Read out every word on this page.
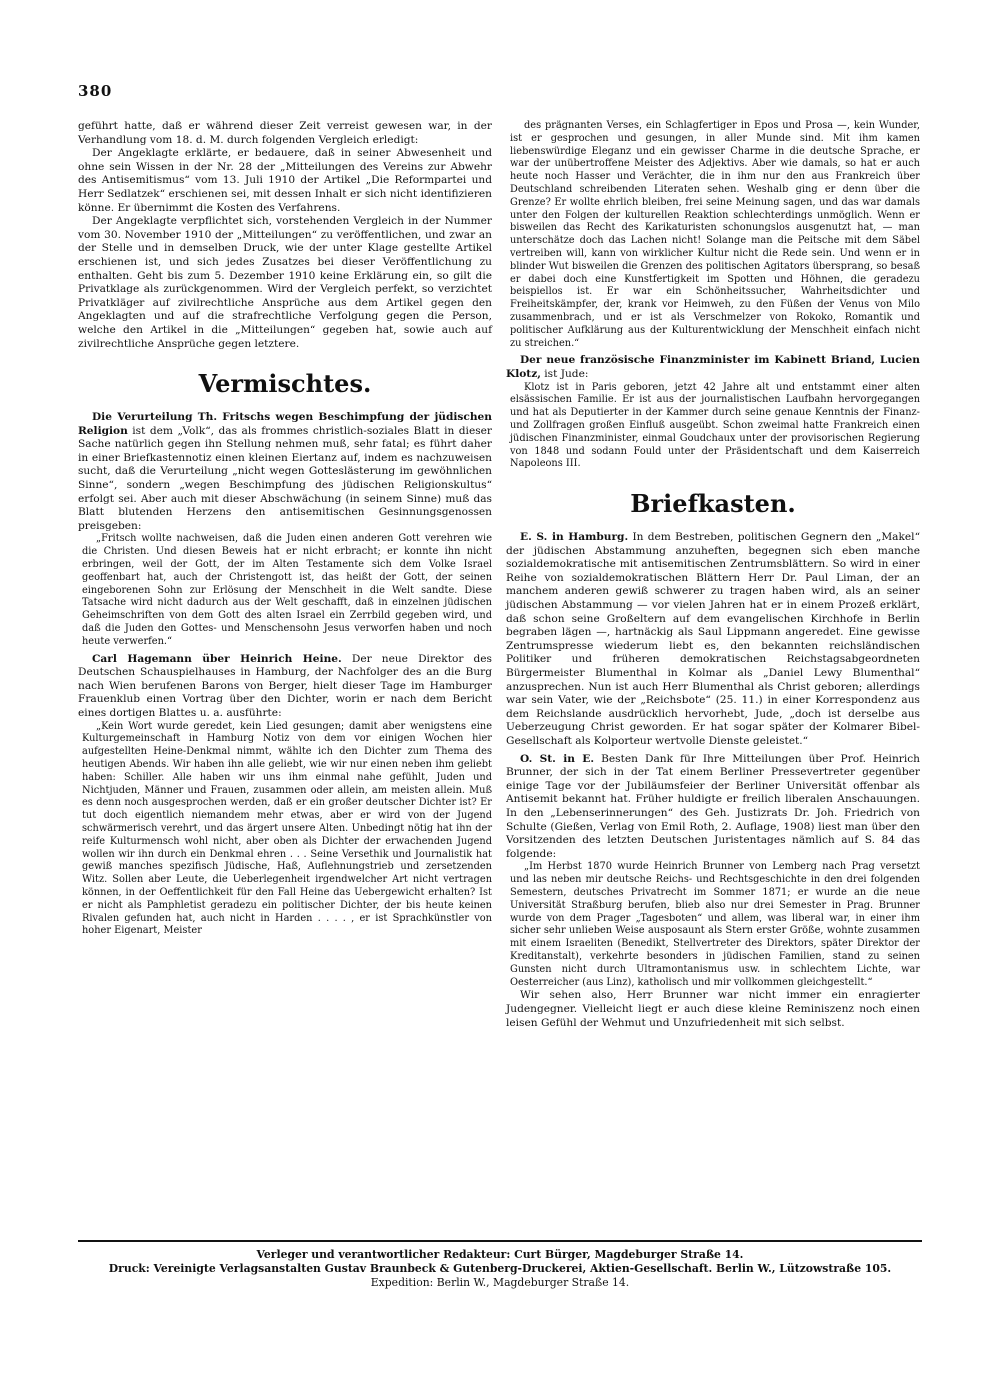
380

geführt hatte, daß er während dieser Zeit verreist gewesen war, in der Verhandlung vom 18. d. M. durch folgenden Vergleich erledigt:

Der Angeklagte erklärte, er bedauere, daß in seiner Abwesenheit und ohne sein Wissen in der Nr. 28 der „Mitteilungen des Vereins zur Abwehr des Antisemitismus“ vom 13. Juli 1910 der Artikel „Die Reformpartei und Herr Sedlatzek“ erschienen sei, mit dessen Inhalt er sich nicht identifizieren könne. Er übernimmt die Kosten des Verfahrens.

Der Angeklagte verpflichtet sich, vorstehenden Vergleich in der Nummer vom 30. November 1910 der „Mitteilungen“ zu veröffentlichen, und zwar an der Stelle und in demselben Druck, wie der unter Klage gestellte Artikel erschienen ist, und sich jedes Zusatzes bei dieser Veröffentlichung zu enthalten. Geht bis zum 5. Dezember 1910 keine Erklärung ein, so gilt die Privatklage als zurückgenommen. Wird der Vergleich perfekt, so verzichtet Privatkläger auf zivilrechtliche Ansprüche aus dem Artikel gegen den Angeklagten und auf die strafrechtliche Verfolgung gegen die Person, welche den Artikel in die „Mitteilungen“ gegeben hat, sowie auch auf zivilrechtliche Ansprüche gegen letztere.

Vermischtes.

Die Verurteilung Th. Fritschs wegen Beschimpfung der jüdischen Religion ist dem „Volk“, das als frommes christlich-soziales Blatt in dieser Sache natürlich gegen ihn Stellung nehmen muß, sehr fatal; es führt daher in einer Briefkastennotiz einen kleinen Eiertanz auf, indem es nachzuweisen sucht, daß die Verurteilung „nicht wegen Gotteslästerung im gewöhnlichen Sinne“, sondern „wegen Beschimpfung des jüdischen Religionskultus“ erfolgt sei. Aber auch mit dieser Abschwächung (in seinem Sinne) muß das Blatt blutenden Herzens den antisemitischen Gesinnungsgenossen preisgeben:

„Fritsch wollte nachweisen, daß die Juden einen anderen Gott verehren wie die Christen. Und diesen Beweis hat er nicht erbracht; er konnte ihn nicht erbringen, weil der Gott, der im Alten Testamente sich dem Volke Israel geoffenbart hat, auch der Christengott ist, das heißt der Gott, der seinen eingeborenen Sohn zur Erlösung der Menschheit in die Welt sandte. Diese Tatsache wird nicht dadurch aus der Welt geschafft, daß in einzelnen jüdischen Geheimschriften von dem Gott des alten Israel ein Zerrbild gegeben wird, und daß die Juden den Gottes- und Menschensohn Jesus verworfen haben und noch heute verwerfen.“

Carl Hagemann über Heinrich Heine. Der neue Direktor des Deutschen Schauspielhauses in Hamburg, der Nachfolger des an die Burg nach Wien berufenen Barons von Berger, hielt dieser Tage im Hamburger Frauenklub einen Vortrag über den Dichter, worin er nach dem Bericht eines dortigen Blattes u. a. ausführte:

„Kein Wort wurde geredet, kein Lied gesungen; damit aber wenigstens eine Kulturgemeinschaft in Hamburg Notiz von dem vor einigen Wochen hier aufgestellten Heine-Denkmal nimmt, wählte ich den Dichter zum Thema des heutigen Abends. Wir haben ihn alle geliebt, wie wir nur einen neben ihm geliebt haben: Schiller. Alle haben wir uns ihm einmal nahe gefühlt, Juden und Nichtjuden, Männer und Frauen, zusammen oder allein, am meisten allein. Muß es denn noch ausgesprochen werden, daß er ein großer deutscher Dichter ist? Er tut doch eigentlich niemandem mehr etwas, aber er wird von der Jugend schwärmerisch verehrt, und das ärgert unsere Alten. Unbedingt nötig hat ihn der reife Kulturmensch wohl nicht, aber oben als Dichter der erwachenden Jugend wollen wir ihn durch ein Denkmal ehren . . . Seine Versethik und Journalistik hat gewiß manches spezifisch Jüdische, Haß, Auflehnungstrieb und zersetzenden Witz. Sollen aber Leute, die Ueberlegenheit irgendwelcher Art nicht vertragen können, in der Oeffentlichkeit für den Fall Heine das Uebergewicht erhalten? Ist er nicht als Pamphletist geradezu ein politischer Dichter, der bis heute keinen Rivalen gefunden hat, auch nicht in Harden . . . . , er ist Sprachkünstler von hoher Eigenart, Meister

des prägnanten Verses, ein Schlagfertiger in Epos und Prosa —, kein Wunder, ist er gesprochen und gesungen, in aller Munde sind. Mit ihm kamen liebenswürdige Eleganz und ein gewisser Charme in die deutsche Sprache, er war der unübertroffene Meister des Adjektivs. Aber wie damals, so hat er auch heute noch Hasser und Verächter, die in ihm nur den aus Frankreich über Deutschland schreibenden Literaten sehen. Weshalb ging er denn über die Grenze? Er wollte ehrlich bleiben, frei seine Meinung sagen, und das war damals unter den Folgen der kulturellen Reaktion schlechterdings unmöglich. Wenn er bisweilen das Recht des Karikaturisten schonungslos ausgenutzt hat, — man unterschätze doch das Lachen nicht! Solange man die Peitsche mit dem Säbel vertreiben will, kann von wirklicher Kultur nicht die Rede sein. Und wenn er in blinder Wut bisweilen die Grenzen des politischen Agitators übersprang, so besaß er dabei doch eine Kunstfertigkeit im Spotten und Höhnen, die geradezu beispiellos ist. Er war ein Schönheitssucher, Wahrheitsdichter und Freiheitskämpfer, der, krank vor Heimweh, zu den Füßen der Venus von Milo zusammenbrach, und er ist als Verschmelzer von Rokoko, Romantik und politischer Aufklärung aus der Kulturentwicklung der Menschheit einfach nicht zu streichen.“

Der neue französische Finanzminister im Kabinett Briand, Lucien Klotz, ist Jude:

Klotz ist in Paris geboren, jetzt 42 Jahre alt und entstammt einer alten elsässischen Familie. Er ist aus der journalistischen Laufbahn hervorgegangen und hat als Deputierter in der Kammer durch seine genaue Kenntnis der Finanz- und Zollfragen großen Einfluß ausgeübt. Schon zweimal hatte Frankreich einen jüdischen Finanzminister, einmal Goudchaux unter der provisorischen Regierung von 1848 und sodann Fould unter der Präsidentschaft und dem Kaiserreich Napoleons III.

Briefkasten.

E. S. in Hamburg. In dem Bestreben, politischen Gegnern den „Makel“ der jüdischen Abstammung anzuheften, begegnen sich eben manche sozialdemokratische mit antisemitischen Zentrumsblättern. So wird in einer Reihe von sozialdemokratischen Blättern Herr Dr. Paul Liman, der an manchem anderen gewiß schwerer zu tragen haben wird, als an seiner jüdischen Abstammung — vor vielen Jahren hat er in einem Prozeß erklärt, daß schon seine Großeltern auf dem evangelischen Kirchhofe in Berlin begraben lägen —, hartnäckig als Saul Lippmann angeredet. Eine gewisse Zentrumspresse wiederum liebt es, den bekannten reichsländischen Politiker und früheren demokratischen Reichstagsabgeordneten Bürgermeister Blumenthal in Kolmar als „Daniel Lewy Blumenthal“ anzusprechen. Nun ist auch Herr Blumenthal als Christ geboren; allerdings war sein Vater, wie der „Reichsbote“ (25. 11.) in einer Korrespondenz aus dem Reichslande ausdrücklich hervorhebt, Jude, „doch ist derselbe aus Ueberzeugung Christ geworden. Er hat sogar später der Kolmarer Bibel-Gesellschaft als Kolporteur wertvolle Dienste geleistet.“

O. St. in E. Besten Dank für Ihre Mitteilungen über Prof. Heinrich Brunner, der sich in der Tat einem Berliner Pressevertreter gegenüber einige Tage vor der Jubiläumsfeier der Berliner Universität offenbar als Antisemit bekannt hat. Früher huldigte er freilich liberalen Anschauungen. In den „Lebenserinnerungen“ des Geh. Justizrats Dr. Joh. Friedrich von Schulte (Gießen, Verlag von Emil Roth, 2. Auflage, 1908) liest man über den Vorsitzenden des letzten Deutschen Juristentages nämlich auf S. 84 das folgende:

„Im Herbst 1870 wurde Heinrich Brunner von Lemberg nach Prag versetzt und las neben mir deutsche Reichs- und Rechtsgeschichte in den drei folgenden Semestern, deutsches Privatrecht im Sommer 1871; er wurde an die neue Universität Straßburg berufen, blieb also nur drei Semester in Prag. Brunner wurde von dem Prager „Tagesboten“ und allem, was liberal war, in einer ihm sicher sehr unlieben Weise ausposaunt als Stern erster Größe, wohnte zusammen mit einem Israeliten (Benedikt, Stellvertreter des Direktors, später Direktor der Kreditanstalt), verkehrte besonders in jüdischen Familien, stand zu seinen Gunsten nicht durch Ultramontanismus usw. in schlechtem Lichte, war Oesterreicher (aus Linz), katholisch und mir vollkommen gleichgestellt.“

Wir sehen also, Herr Brunner war nicht immer ein enragierter Judengegner. Vielleicht liegt er auch diese kleine Reminiszenz noch einen leisen Gefühl der Wehmut und Unzufriedenheit mit sich selbst.

Verleger und verantwortlicher Redakteur: Curt Bürger, Magdeburger Straße 14.
Druck: Vereinigte Verlagsanstalten Gustav Braunbeck & Gutenberg-Druckerei, Aktien-Gesellschaft. Berlin W., Lützowstraße 105.
Expedition: Berlin W., Magdeburger Straße 14.
